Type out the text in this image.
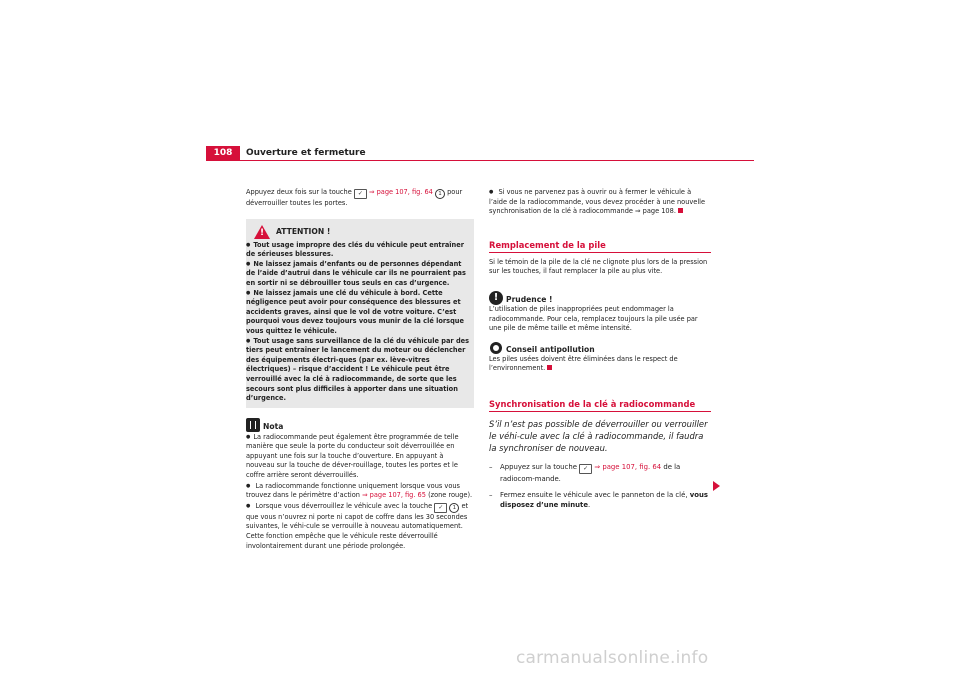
108	Ouverture et fermeture

Appuyez deux fois sur la touche ✓ ⇒ page 107, fig. 64 1 pour déverrouiller toutes les portes.

! ATTENTION !

● Tout usage impropre des clés du véhicule peut entraîner de sérieuses blessures.

● Ne laissez jamais d’enfants ou de personnes dépendant de l’aide d’autrui dans le véhicule car ils ne pourraient pas en sortir ni se débrouiller tous seuls en cas d’urgence.

● Ne laissez jamais une clé du véhicule à bord. Cette négligence peut avoir pour conséquence des blessures et accidents graves, ainsi que le vol de votre voiture. C’est pourquoi vous devez toujours vous munir de la clé lorsque vous quittez le véhicule.

● Tout usage sans surveillance de la clé du véhicule par des tiers peut entraîner le lancement du moteur ou déclencher des équipements électri-ques (par ex. lève-vitres électriques) – risque d’accident ! Le véhicule peut être verrouillé avec la clé à radiocommande, de sorte que les secours sont plus difficiles à apporter dans une situation d’urgence.

Nota

● La radiocommande peut également être programmée de telle manière que seule la porte du conducteur soit déverrouillée en appuyant une fois sur la touche d’ouverture. En appuyant à nouveau sur la touche de déver-rouillage, toutes les portes et le coffre arrière seront déverrouillés.

● La radiocommande fonctionne uniquement lorsque vous vous trouvez dans le périmètre d’action ⇒ page 107, fig. 65 (zone rouge).

● Lorsque vous déverrouillez le véhicule avec la touche ✓ 1 et que vous n’ouvrez ni porte ni capot de coffre dans les 30 secondes suivantes, le véhi-cule se verrouille à nouveau automatiquement. Cette fonction empêche que le véhicule reste déverrouillé involontairement durant une période prolongée.

● Si vous ne parvenez pas à ouvrir ou à fermer le véhicule à l’aide de la radiocommande, vous devez procéder à une nouvelle synchronisation de la clé à radiocommande ⇒ page 108.

Remplacement de la pile

Si le témoin de la pile de la clé ne clignote plus lors de la pression sur les touches, il faut remplacer la pile au plus vite.

!	Prudence !

L’utilisation de piles inappropriées peut endommager la radiocommande. Pour cela, remplacez toujours la pile usée par une pile de même taille et même intensité.

Conseil antipollution

Les piles usées doivent être éliminées dans le respect de l’environnement.

Synchronisation de la clé à radiocommande

S’il n’est pas possible de déverrouiller ou verrouiller le véhi-cule avec la clé à radiocommande, il faudra la synchroniser de nouveau.

–	Appuyez sur la touche ✓ ⇒ page 107, fig. 64 de la radiocom-mande.
–	Fermez ensuite le véhicule avec le panneton de la clé, vous disposez d’une minute.
carmanualsonline.info
